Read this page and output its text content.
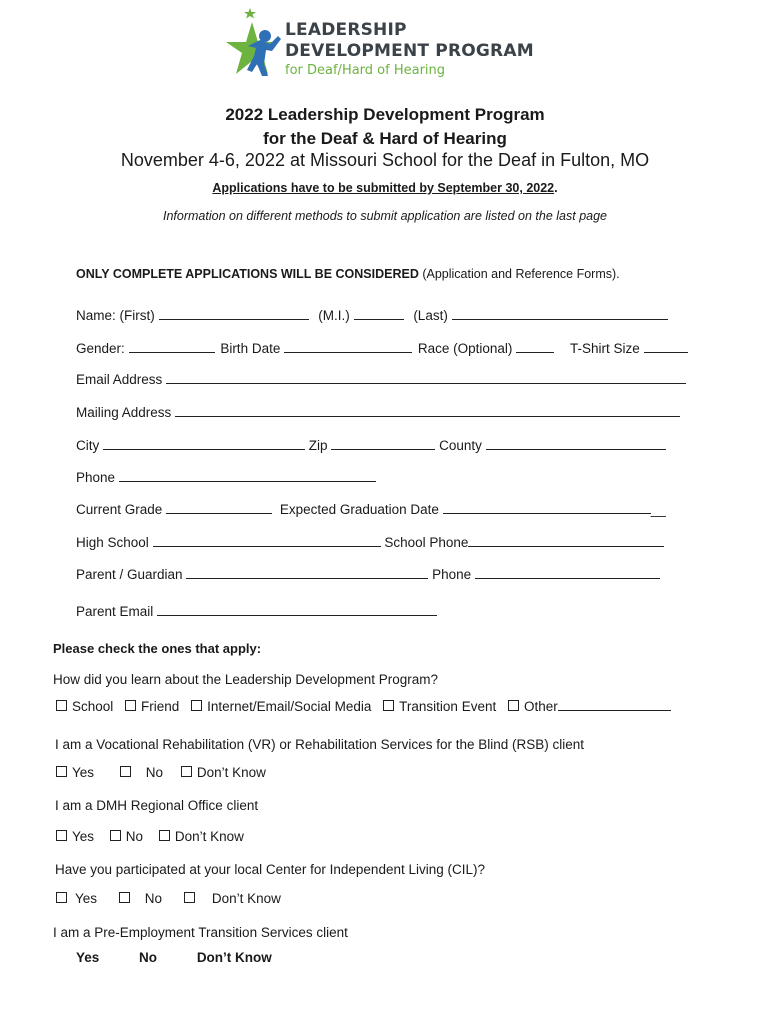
LEADERSHIP
DEVELOPMENT PROGRAM
for Deaf/Hard of Hearing
2022 Leadership Development Program
for the Deaf & Hard of Hearing
November 4-6, 2022 at Missouri School for the Deaf in Fulton, MO
Applications have to be submitted by September 30, 2022.
Information on different methods to submit application are listed on the last page
ONLY COMPLETE APPLICATIONS WILL BE CONSIDERED (Application and Reference Forms).
Name: (First)	(M.I.)	(Last)
Gender:	Birth Date	Race (Optional)	T-Shirt Size
Email Address
Mailing Address
City	Zip	County
Phone
Current Grade	Expected Graduation Date	__
High School	School Phone
Parent / Guardian	Phone
Parent Email
Please check the ones that apply:
How did you learn about the Leadership Development Program?
School Friend Internet/Email/Social Media Transition Event Other
I am a Vocational Rehabilitation (VR) or Rehabilitation Services for the Blind (RSB) client
Yes	No	Don’t Know
I am a DMH Regional Office client
Yes No Don’t Know
Have you participated at your local Center for Independent Living (CIL)?
Yes	No	Don’t Know
I am a Pre-Employment Transition Services client
Yes	No	Don’t Know
